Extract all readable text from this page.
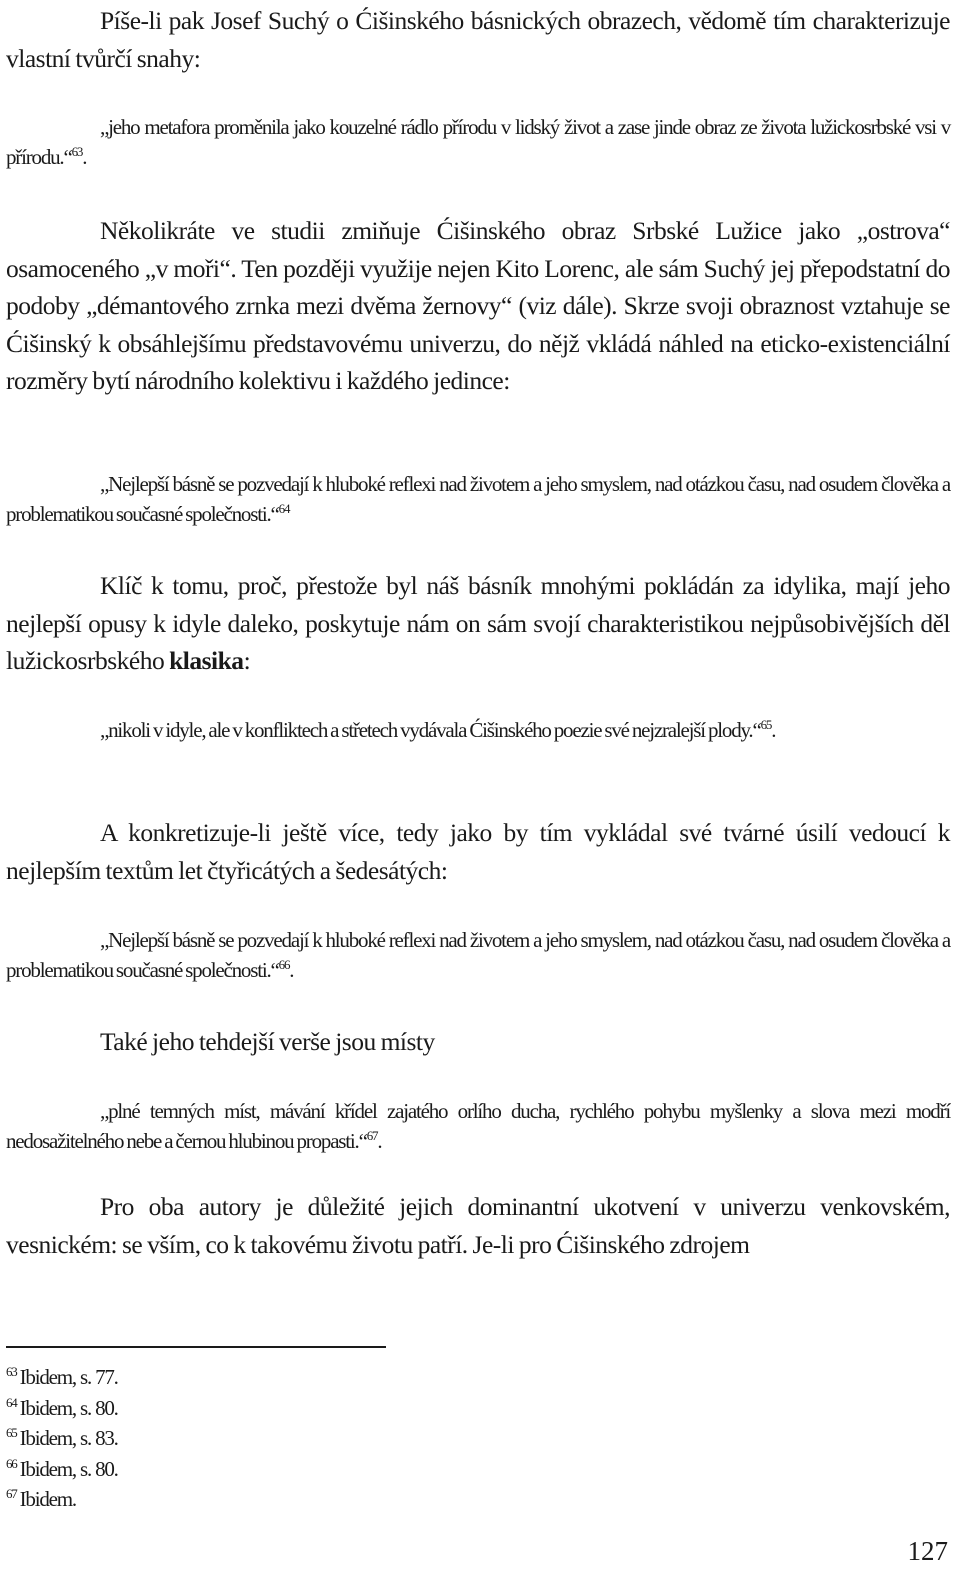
Píše-li pak Josef Suchý o Ćišinského básnických obrazech, vědomě tím charakterizuje vlastní tvůrčí snahy:

„jeho metafora proměnila jako kouzelné rádlo přírodu v lidský život a zase jinde obraz ze života lužickosrbské vsi v přírodu.“$^{63}$.

Několikráte ve studii zmiňuje Ćišinského obraz Srbské Lužice jako „ostrova“ osamoceného „v moři“. Ten později využije nejen Kito Lorenc, ale sám Suchý jej přepodstatní do podoby „démantového zrnka mezi dvěma žernovy“ (viz dále). Skrze svoji obraznost vztahuje se Ćišinský k obsáhlejšímu představovému univerzu, do nějž vkládá náhled na eticko-existenciální rozměry bytí národního kolektivu i každého jedince:

„Nejlepší básně se pozvedají k hluboké reflexi nad životem a jeho smyslem, nad otázkou času, nad osudem člověka a problematikou současné společnosti.“$^{64}$

Klíč k tomu, proč, přestože byl náš básník mnohými pokládán za idylika, mají jeho nejlepší opusy k idyle daleko, poskytuje nám on sám svojí charakteristikou nejpůsobivějších děl lužickosrbského klasika:

„nikoli v idyle, ale v konfliktech a střetech vydávala Ćišinského poezie své nejzralejší plody.“$^{65}$.

A konkretizuje-li ještě více, tedy jako by tím vykládal své tvárné úsilí vedoucí k nejlepším textům let čtyřicátých a šedesátých:

„Nejlepší básně se pozvedají k hluboké reflexi nad životem a jeho smyslem, nad otázkou času, nad osudem člověka a problematikou současné společnosti.“$^{66}$.

Také jeho tehdejší verše jsou místy

„plné temných míst, mávání křídel zajatého orlího ducha, rychlého pohybu myšlenky a slova mezi modří nedosažitelného nebe a černou hlubinou propasti.“$^{67}$.

Pro oba autory je důležité jejich dominantní ukotvení v univerzu venkovském, vesnickém: se vším, co k takovému životu patří. Je-li pro Ćišinského zdrojem

$^{63}$ Ibidem, s. 77.
$^{64}$ Ibidem, s. 80.
$^{65}$ Ibidem, s. 83.
$^{66}$ Ibidem, s. 80.
$^{67}$ Ibidem.
127
